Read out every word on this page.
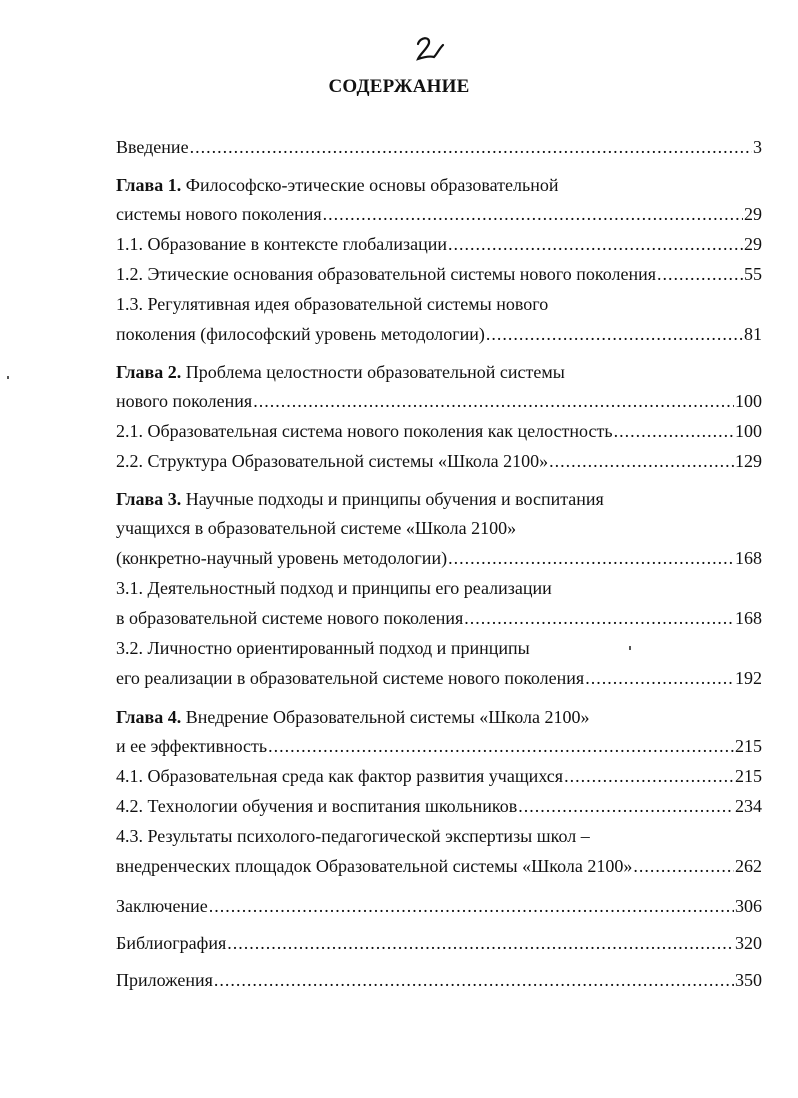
СОДЕРЖАНИЕ
Введение .....	3
Глава 1. Философско-этические основы образовательной
системы нового поколения .....	29
1.1. Образование в контексте глобализации .....	29
1.2. Этические основания образовательной системы нового поколения .....	55
1.3. Регулятивная идея образовательной системы нового
поколения (философский уровень методологии) .....	81
Глава 2. Проблема целостности образовательной системы
нового поколения .....	100
2.1. Образовательная система нового поколения как целостность .....	100
2.2. Структура Образовательной системы «Школа 2100» .....	129
Глава 3. Научные подходы и принципы обучения и воспитания
учащихся в образовательной системе «Школа 2100»
(конкретно-научный уровень методологии) .....	168
3.1. Деятельностный подход и принципы его реализации
в образовательной системе нового поколения .....	168
3.2. Личностно ориентированный подход и принципы
его реализации в образовательной системе нового поколения .....	192
Глава 4. Внедрение Образовательной системы «Школа 2100»
и ее эффективность .....	215
4.1. Образовательная среда как фактор развития учащихся .....	215
4.2. Технологии обучения и воспитания школьников .....	234
4.3. Результаты психолого-педагогической экспертизы школ –
внедренческих площадок Образовательной системы «Школа 2100» .....	262
Заключение .....	306
Библиография .....	320
Приложения .....	350
